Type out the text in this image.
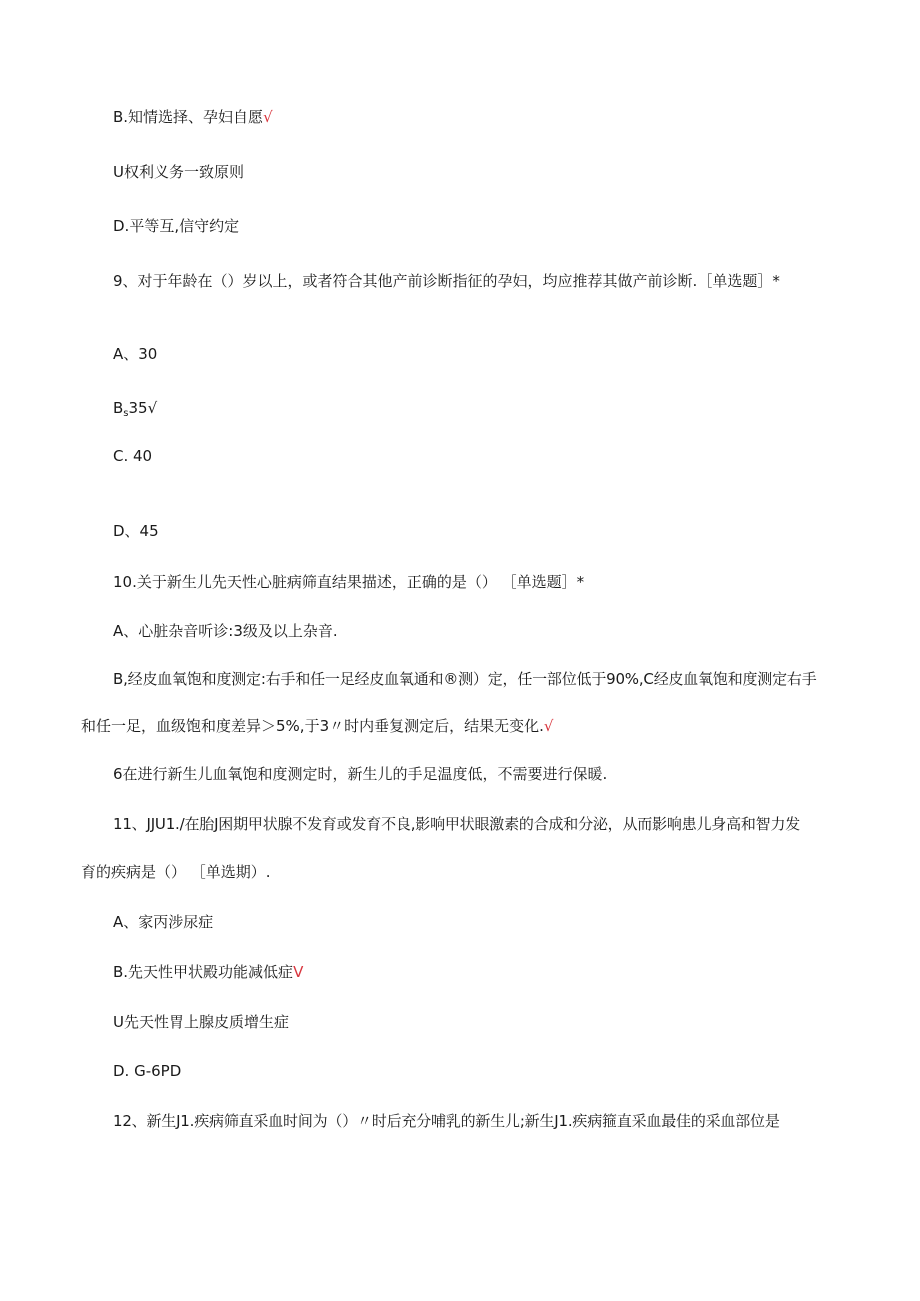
B.知情选择、孕妇自愿√
U权利义务一致原则
D.平等互,信守约定
9、对于年龄在（）岁以上，或者符合其他产前诊断指征的孕妇，均应推荐其做产前诊断.［单选题］*
A、30
$B_s35√$
C. 40
D、45
10.关于新生儿先天性心脏病筛直结果描述，正确的是（） ［单选题］*
A、心脏杂音听诊:3级及以上杂音.
B,经皮血氧饱和度测定:右手和任一足经皮血氧通和®测）定，任一部位低于90%,C经皮血氧饱和度测定右手
和任一足，血级饱和度差异＞5%,于3〃时内垂复测定后，结果无变化.√
6在进行新生儿血氧饱和度测定时，新生儿的手足温度低，不需要进行保暖.
11、JJU1./在胎J困期甲状腺不发育或发育不良,影响甲状眼激素的合成和分泌，从而影响患儿身高和智力发
育的疾病是（） ［单选期）.
A、家丙涉尿症
B.先天性甲状殿功能减低症V
U先天性胃上腺皮质增生症
D. G-6PD
12、新生J1.疾病筛直采血时间为（）〃时后充分哺乳的新生儿;新生J1.疾病箍直采血最佳的采血部位是
